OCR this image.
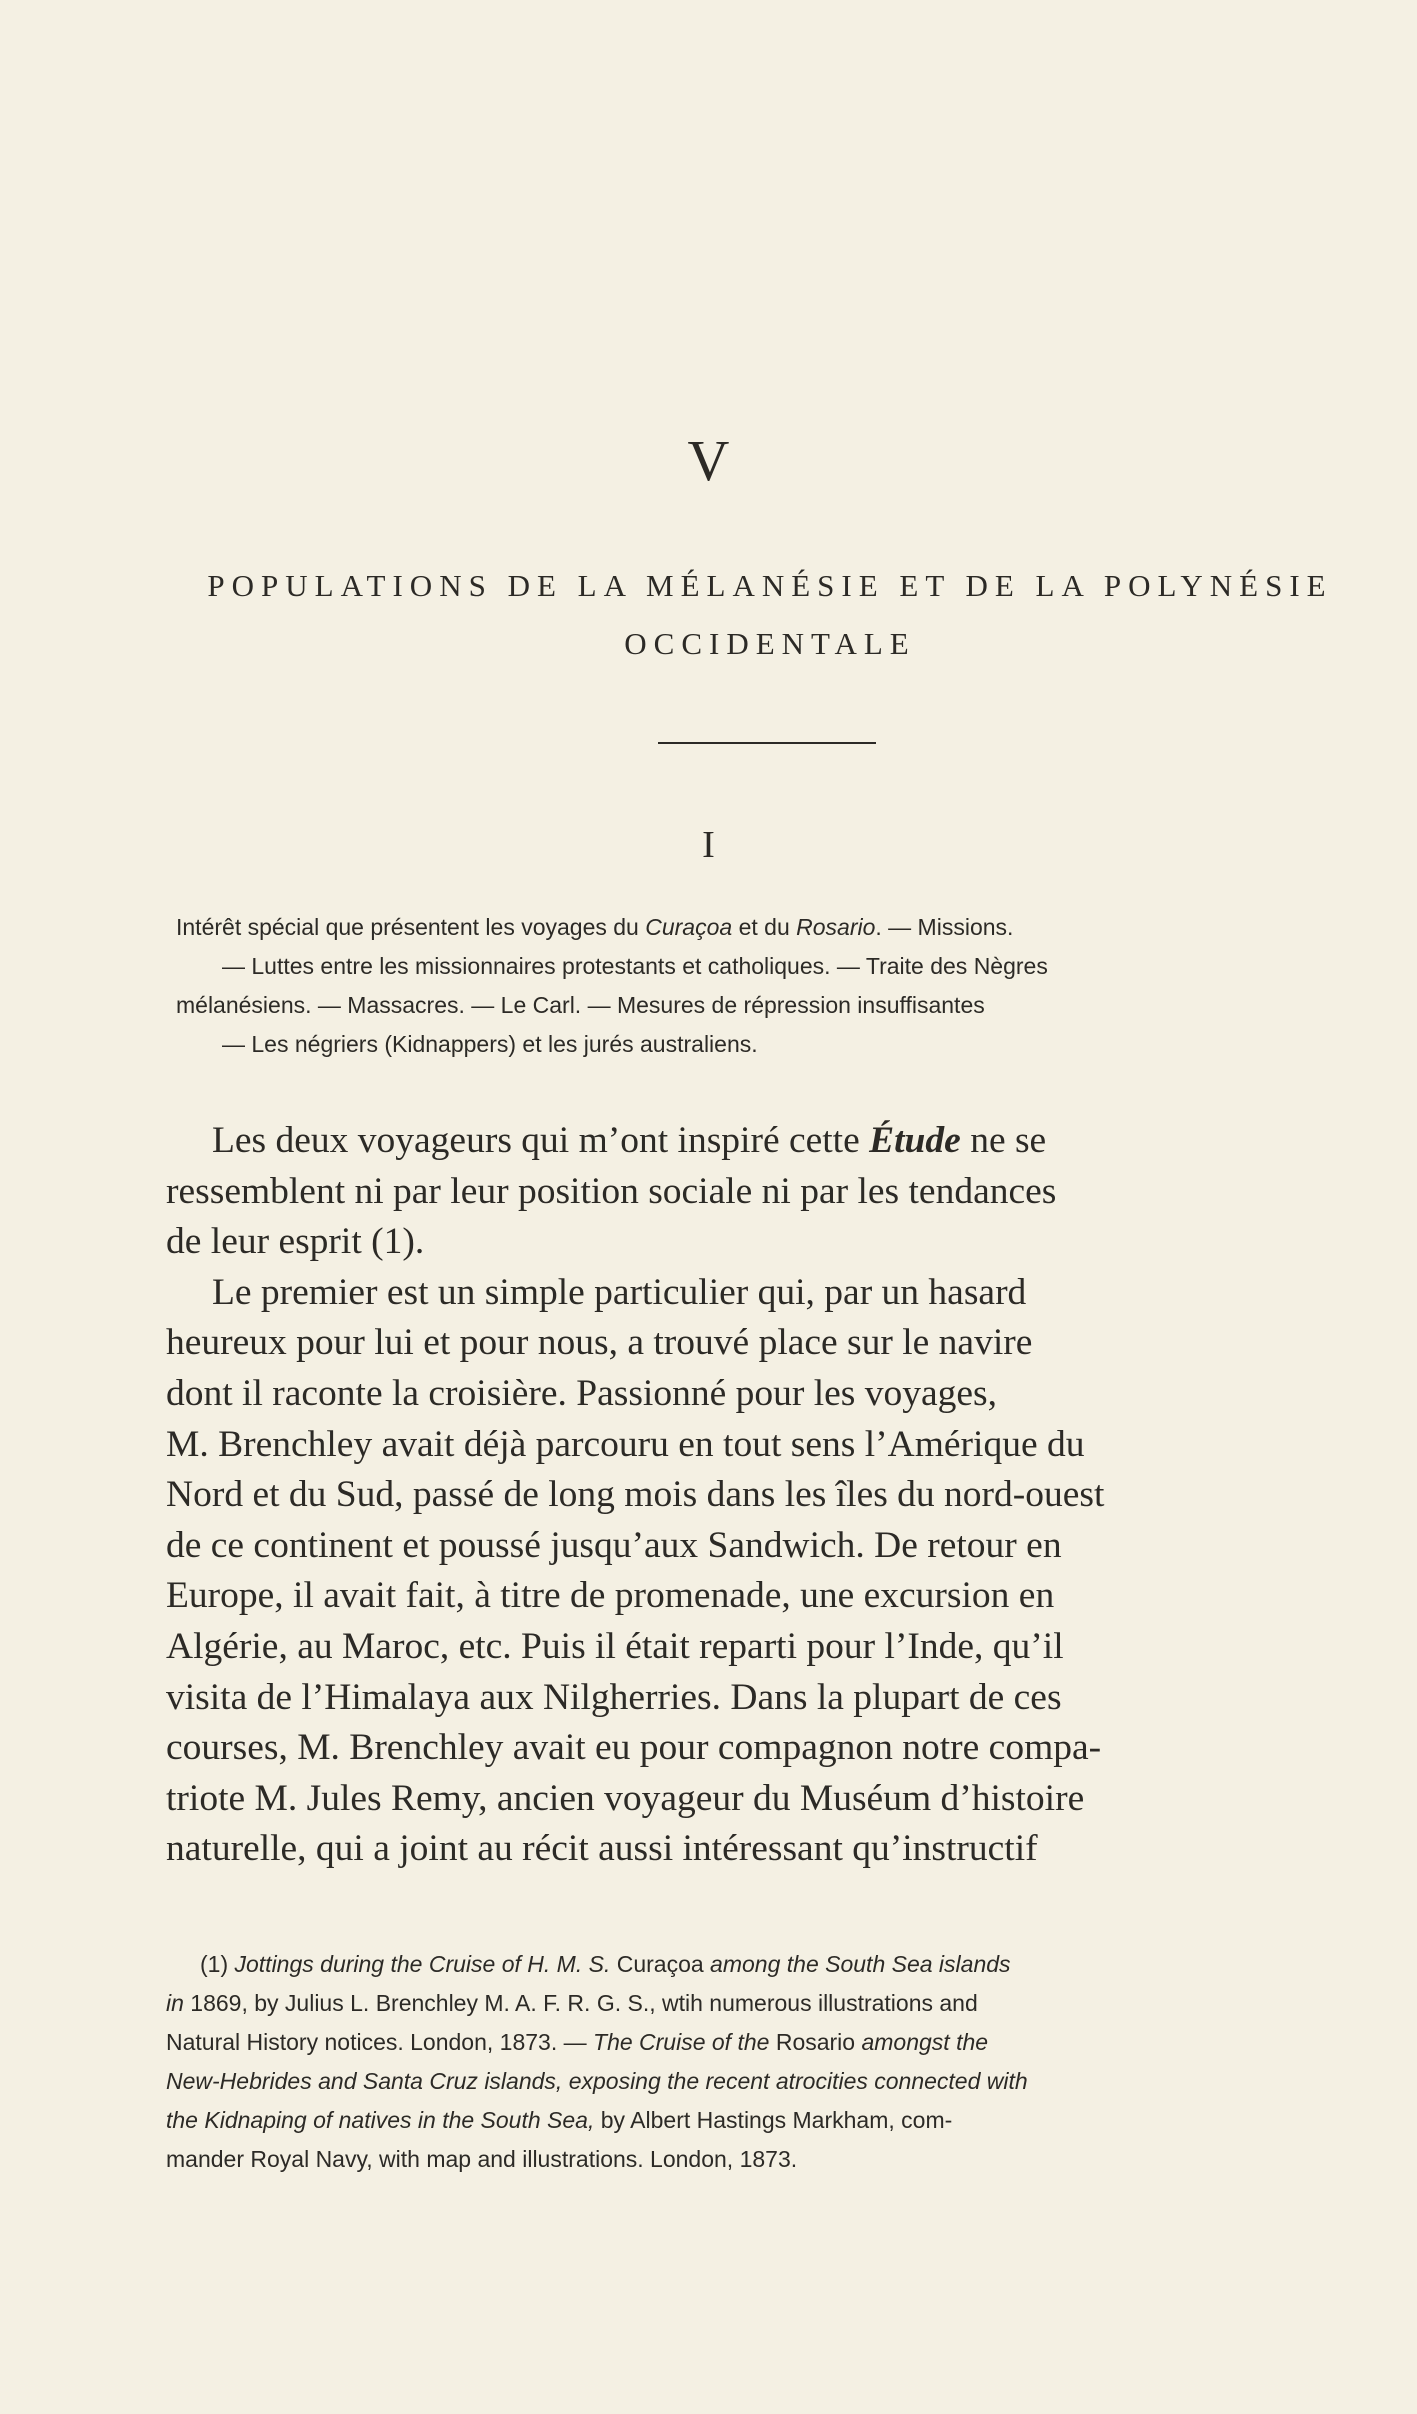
V
POPULATIONS DE LA MÉLANÉSIE ET DE LA POLYNÉSIE
OCCIDENTALE
I
Intérêt spécial que présentent les voyages du Curaçoa et du Rosario. — Missions.
— Luttes entre les missionnaires protestants et catholiques. — Traite des Nègres
mélanésiens. — Massacres. — Le Carl. — Mesures de répression insuffisantes
— Les négriers (Kidnappers) et les jurés australiens.
Les deux voyageurs qui m’ont inspiré cette Étude ne se
ressemblent ni par leur position sociale ni par les tendances
de leur esprit (1).
Le premier est un simple particulier qui, par un hasard
heureux pour lui et pour nous, a trouvé place sur le navire
dont il raconte la croisière. Passionné pour les voyages,
M. Brenchley avait déjà parcouru en tout sens l’Amérique du
Nord et du Sud, passé de long mois dans les îles du nord-ouest
de ce continent et poussé jusqu’aux Sandwich. De retour en
Europe, il avait fait, à titre de promenade, une excursion en
Algérie, au Maroc, etc. Puis il était reparti pour l’Inde, qu’il
visita de l’Himalaya aux Nilgherries. Dans la plupart de ces
courses, M. Brenchley avait eu pour compagnon notre compa-
triote M. Jules Remy, ancien voyageur du Muséum d’histoire
naturelle, qui a joint au récit aussi intéressant qu’instructif
(1) Jottings during the Cruise of H. M. S. Curaçoa among the South Sea islands
in 1869, by Julius L. Brenchley M. A. F. R. G. S., wtih numerous illustrations and
Natural History notices. London, 1873. — The Cruise of the Rosario amongst the
New-Hebrides and Santa Cruz islands, exposing the recent atrocities connected with
the Kidnaping of natives in the South Sea, by Albert Hastings Markham, com-
mander Royal Navy, with map and illustrations. London, 1873.
